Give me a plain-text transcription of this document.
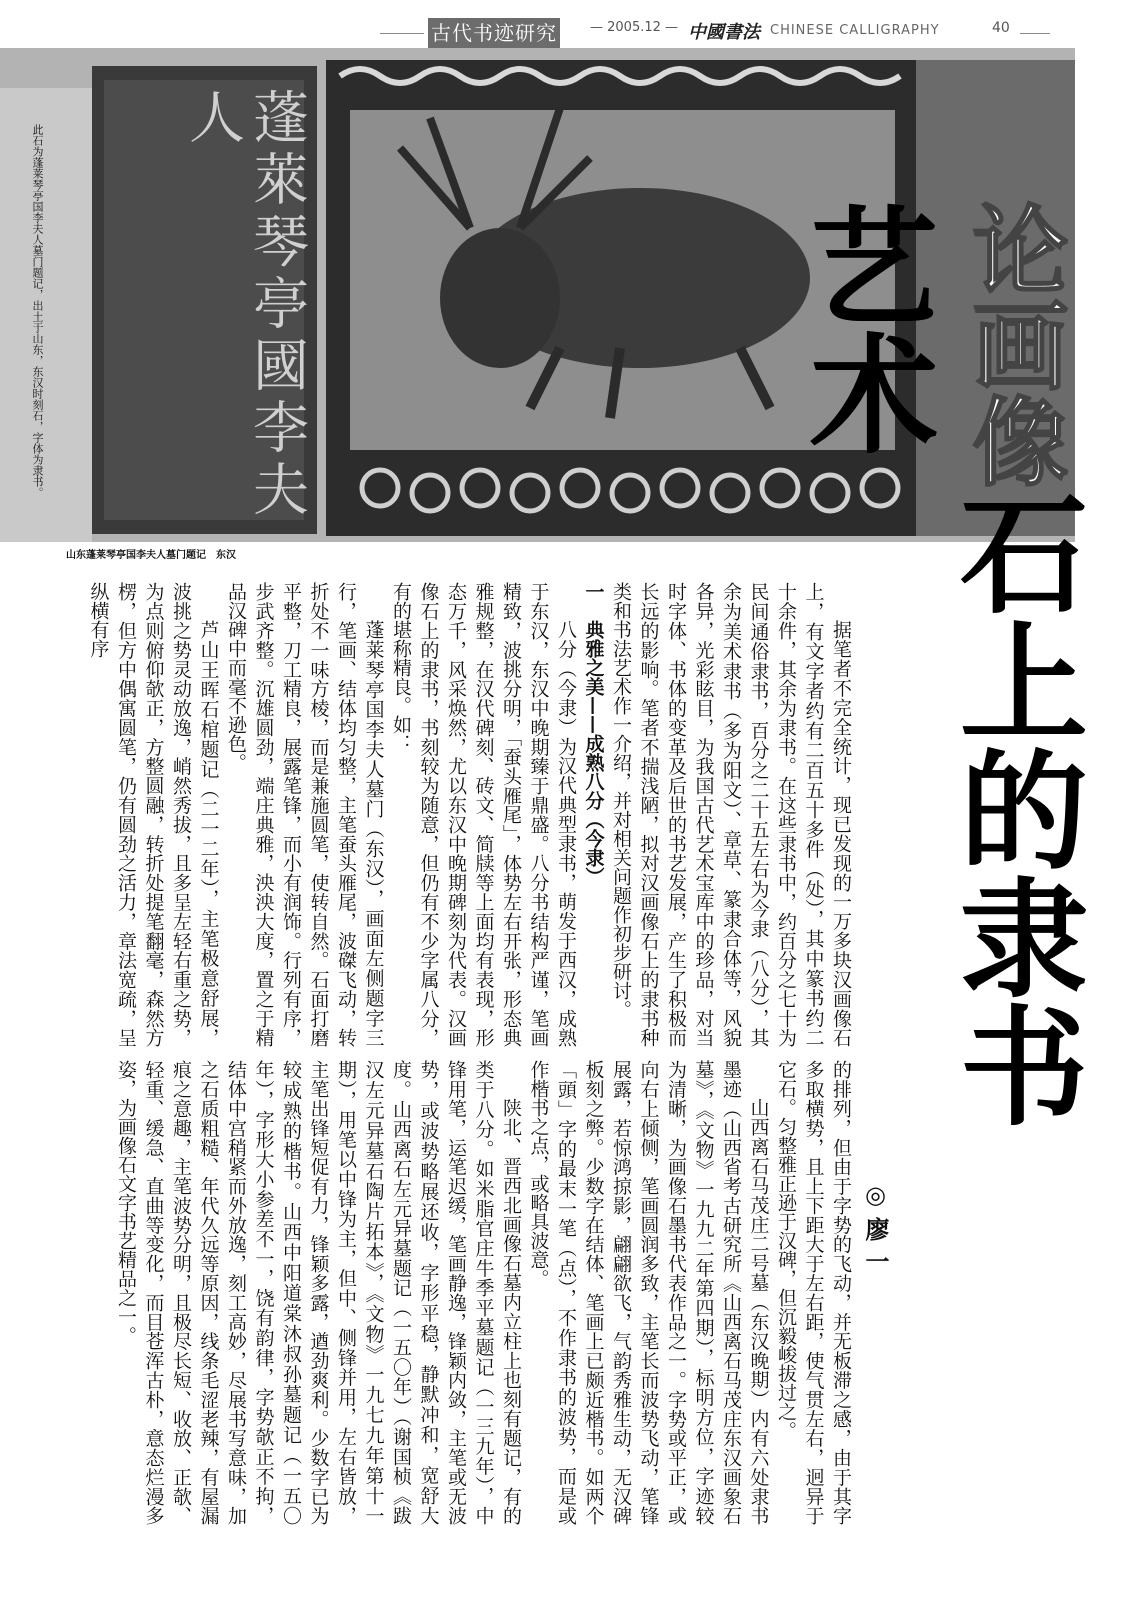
古代书迹研究	— 2005.12 — 中國書法 CHINESE CALLIGRAPHY	40
蓬萊琴亭國李夫人
此石为蓬莱琴亭国李夫人墓门题记，出土于山东，东汉时刻石，字体为隶书。
山东蓬莱琴亭国李夫人墓门题记　东汉
论画像石上的隶书艺术
◎廖一
据笔者不完全统计，现已发现的一万多块汉画像石上，有文字者约有二百五十多件（处），其中篆书约二十余件，其余为隶书。在这些隶书中，约百分之七十为民间通俗隶书，百分之二十五左右为今隶（八分），其余为美术隶书（多为阳文）、章草、篆隶合体等，风貌各异，光彩眩目，为我国古代艺术宝库中的珍品，对当时字体、书体的变革及后世的书艺发展，产生了积极而长远的影响。笔者不揣浅陋，拟对汉画像石上的隶书种类和书法艺术作一介绍，并对相关问题作初步研讨。
一　典雅之美——成熟八分（今隶）
八分（今隶）为汉代典型隶书，萌发于西汉，成熟于东汉，东汉中晚期臻于鼎盛。八分书结构严谨，笔画精致，波挑分明，「蚕头雁尾」，体势左右开张，形态典雅规整，在汉代碑刻、砖文、简牍等上面均有表现，形态万千，风采焕然，尤以东汉中晚期碑刻为代表。汉画像石上的隶书，书刻较为随意，但仍有不少字属八分，有的堪称精良。如：
蓬莱琴亭国李夫人墓门（东汉），画面左侧题字三行，笔画、结体均匀整，主笔蚕头雁尾，波磔飞动，转折处不一味方棱，而是兼施圆笔，使转自然。石面打磨平整，刀工精良，展露笔锋，而小有润饰。行列有序，步武齐整。沉雄圆劲，端庄典雅，泱泱大度，置之于精品汉碑中而毫不逊色。
芦山王晖石棺题记（二一二年），主笔极意舒展，波挑之势灵动放逸，峭然秀拔，且多呈左轻右重之势，为点则俯仰欹正，方整圆融，转折处提笔翻毫，森然方楞，但方中偶寓圆笔，仍有圆劲之活力，章法宽疏，呈纵横有序
的排列，但由于字势的飞动，并无板滞之感，由于其字多取横势，且上下距大于左右距，使气贯左右，迥异于它石。匀整雅正逊于汉碑，但沉毅峻拔过之。
山西离石马茂庄二号墓（东汉晚期）内有六处隶书墨迹（山西省考古研究所《山西离石马茂庄东汉画象石墓》，《文物》一九九二年第四期），标明方位，字迹较为清晰，为画像石墨书代表作品之一。字势或平正，或向右上倾侧，笔画圆润多致，主笔长而波势飞动，笔锋展露，若惊鸿掠影，翩翩欲飞，气韵秀雅生动，无汉碑板刻之弊。少数字在结体、笔画上已颇近楷书。如两个「頭」字的最末一笔（点），不作隶书的波势，而是或作楷书之点，或略具波意。
陕北、晋西北画像石墓内立柱上也刻有题记，有的类于八分。如米脂官庄牛季平墓题记（一三九年），中锋用笔，运笔迟缓，笔画静逸，锋颖内敛，主笔或无波势，或波势略展还收，字形平稳，静默冲和，宽舒大度。山西离石左元异墓题记（一五〇年）（谢国桢《跋汉左元异墓石陶片拓本》，《文物》一九七九年第十一期），用笔以中锋为主，但中、侧锋并用，左右皆放，主笔出锋短促有力，锋颖多露，遒劲爽利。少数字已为较成熟的楷书。山西中阳道棠沐叔孙墓题记（一五〇年），字形大小参差不一，饶有韵律，字势欹正不拘，结体中宫稍紧而外放逸，刻工高妙，尽展书写意味，加之石质粗糙、年代久远等原因，线条毛涩老辣，有屋漏痕之意趣，主笔波势分明，且极尽长短、收放、正欹、轻重、缓急、直曲等变化，而目苍浑古朴，意态烂漫多姿，为画像石文字书艺精品之一。
